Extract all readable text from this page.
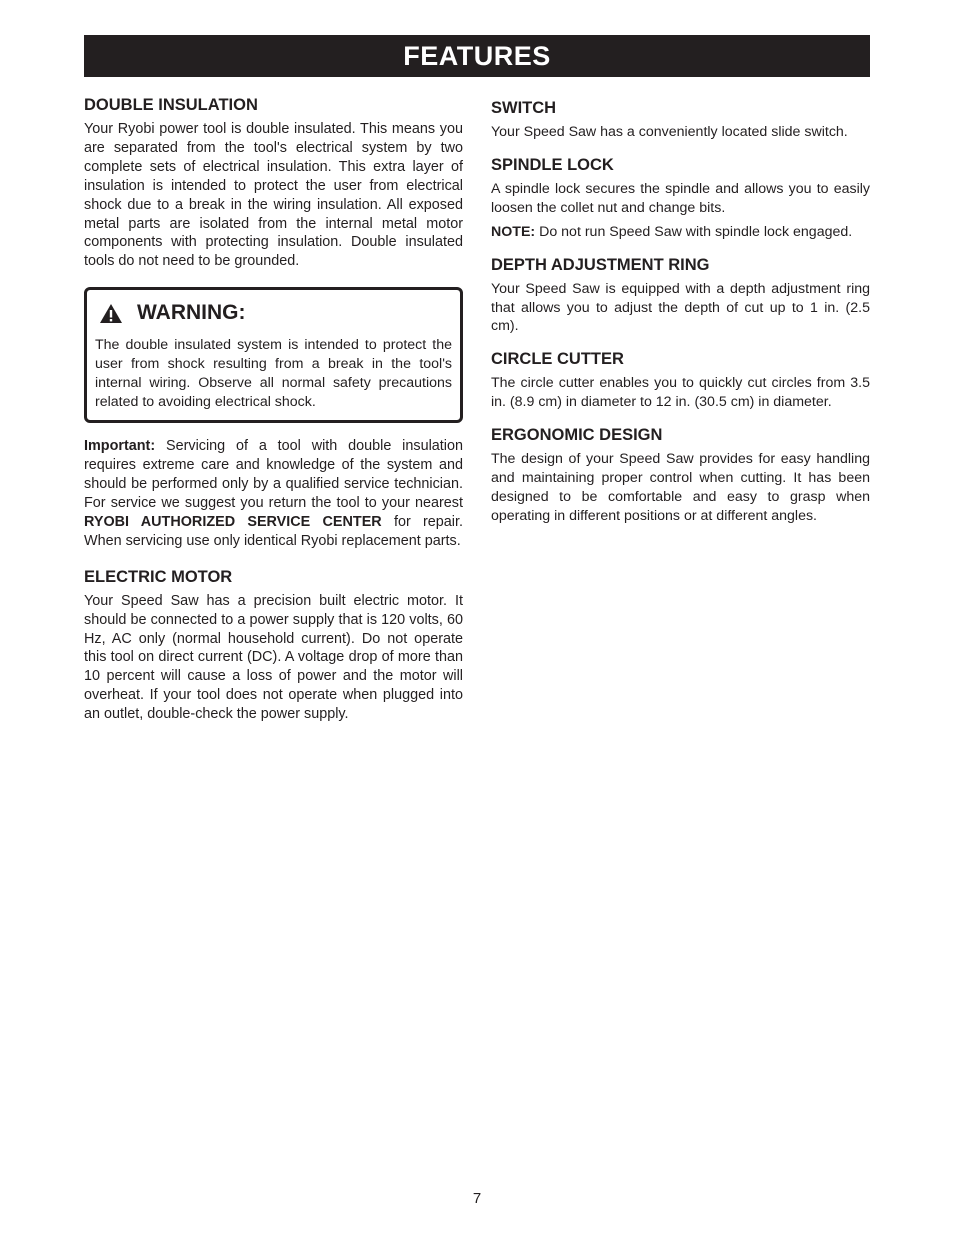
FEATURES
DOUBLE INSULATION

Your Ryobi power tool is double insulated. This means you are separated from the tool's electrical system by two complete sets of electrical insulation. This extra layer of insulation is intended to protect the user from electrical shock due to a break in the wiring insulation. All exposed metal parts are isolated from the internal metal motor components with protecting insulation. Double insulated tools do not need to be grounded.

WARNING:

The double insulated system is intended to protect the user from shock resulting from a break in the tool's internal wiring. Observe all normal safety precautions related to avoiding electrical shock.

Important: Servicing of a tool with double insulation requires extreme care and knowledge of the system and should be performed only by a qualified service technician. For service we suggest you return the tool to your nearest RYOBI AUTHORIZED SERVICE CENTER for repair. When servicing use only identical Ryobi replacement parts.

ELECTRIC MOTOR

Your Speed Saw has a precision built electric motor. It should be connected to a power supply that is 120 volts, 60 Hz, AC only (normal household current). Do not operate this tool on direct current (DC). A voltage drop of more than 10 percent will cause a loss of power and the motor will overheat. If your tool does not operate when plugged into an outlet, double-check the power supply.

SWITCH

Your Speed Saw has a conveniently located slide switch.

SPINDLE LOCK

A spindle lock secures the spindle and allows you to easily loosen the collet nut and change bits.

NOTE: Do not run Speed Saw with spindle lock engaged.

DEPTH ADJUSTMENT RING

Your Speed Saw is equipped with a depth adjustment ring that allows you to adjust the depth of cut up to 1 in. (2.5 cm).

CIRCLE CUTTER

The circle cutter enables you to quickly cut circles from 3.5 in. (8.9 cm) in diameter to 12 in. (30.5 cm) in diameter.

ERGONOMIC DESIGN

The design of your Speed Saw provides for easy handling and maintaining proper control when cutting. It has been designed to be comfortable and easy to grasp when operating in different positions or at different angles.

7
